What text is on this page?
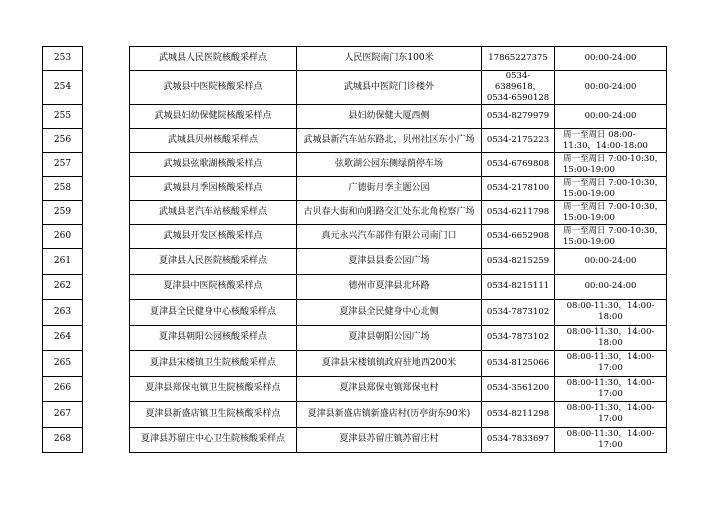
253		武城县人民医院核酸采样点	人民医院南门东100米	17865227375	00:00-24:00
254		武城县中医院核酸采样点	武城县中医院门诊楼外	0534-6389618，0534-6590128	00:00-24:00
255		武城县妇幼保健院核酸采样点	县妇幼保健大厦西侧	0534-8279979	00:00-24:00
256		武城县贝州核酸采样点	武城县新汽车站东路北，贝州社区东小广场	0534-2175223	周一至周日 08:00-11:30，14:00-18:00
257		武城县弦歌湖核酸采样点	弦歌湖公园东侧绿荫停车场	0534-6769808	周一至周日 7:00-10:30，15:00-19:00
258		武城县月季园核酸采样点	广德街月季主题公园	0534-2178100	周一至周日 7:00-10:30，15:00-19:00
259		武城县老汽车站核酸采样点	古贝春大街和向阳路交汇处东北角检察广场	0534-6211798	周一至周日 7:00-10:30，15:00-19:00
260		武城县开发区核酸采样点	真元永兴汽车部件有限公司南门口	0534-6652908	周一至周日 7:00-10:30，15:00-19:00
261		夏津县人民医院核酸采样点	夏津县县委公园广场	0534-8215259	00:00-24:00
262		夏津县中医院核酸采样点	德州市夏津县北环路	0534-8215111	00:00-24:00
263		夏津县全民健身中心核酸采样点	夏津县全民健身中心北侧	0534-7873102	08:00-11:30，14:00-18:00
264		夏津县朝阳公园核酸采样点	夏津县朝阳公园广场	0534-7873102	08:00-11:30，14:00-18:00
265		夏津县宋楼镇卫生院核酸采样点	夏津县宋楼镇镇政府驻地西200米	0534-8125066	08:00-11:30，14:00-17:00
266		夏津县郑保屯镇卫生院核酸采样点	夏津县郑保屯镇郑保屯村	0534-3561200	08:00-11:30，14:00-17:00
267		夏津县新盛店镇卫生院核酸采样点	夏津县新盛店镇新盛店村(历亭街东90米)	0534-8211298	08:00-11:30，14:00-17:00
268		夏津县苏留庄中心卫生院核酸采样点	夏津县苏留庄镇苏留庄村	0534-7833697	08:00-11:30，14:00-17:00
